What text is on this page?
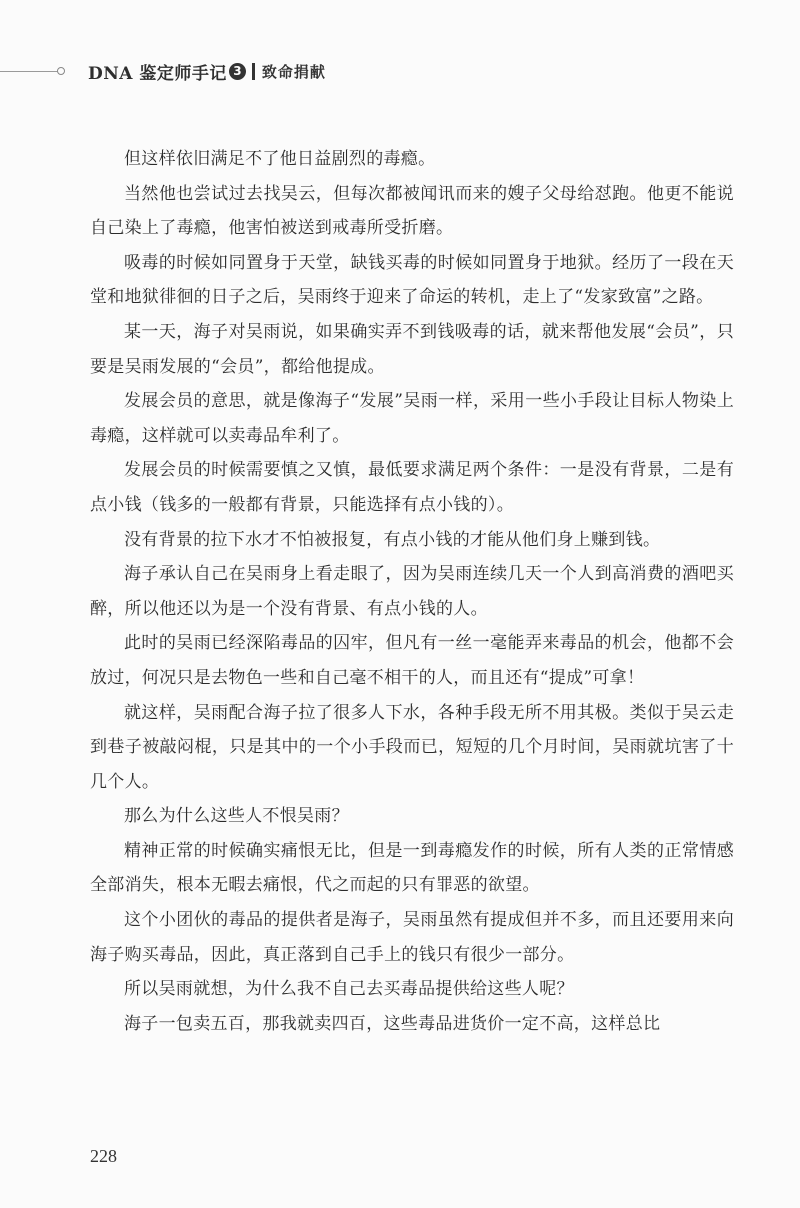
DNA 鉴定师手记 3 致命捐献

但这样依旧满足不了他日益剧烈的毒瘾。

当然他也尝试过去找吴云，但每次都被闻讯而来的嫂子父母给怼跑。他更不能说自己染上了毒瘾，他害怕被送到戒毒所受折磨。

吸毒的时候如同置身于天堂，缺钱买毒的时候如同置身于地狱。经历了一段在天堂和地狱徘徊的日子之后，吴雨终于迎来了命运的转机，走上了“发家致富”之路。

某一天，海子对吴雨说，如果确实弄不到钱吸毒的话，就来帮他发展“会员”，只要是吴雨发展的“会员”，都给他提成。

发展会员的意思，就是像海子“发展”吴雨一样，采用一些小手段让目标人物染上毒瘾，这样就可以卖毒品牟利了。

发展会员的时候需要慎之又慎，最低要求满足两个条件：一是没有背景，二是有点小钱（钱多的一般都有背景，只能选择有点小钱的）。

没有背景的拉下水才不怕被报复，有点小钱的才能从他们身上赚到钱。

海子承认自己在吴雨身上看走眼了，因为吴雨连续几天一个人到高消费的酒吧买醉，所以他还以为是一个没有背景、有点小钱的人。

此时的吴雨已经深陷毒品的囚牢，但凡有一丝一毫能弄来毒品的机会，他都不会放过，何况只是去物色一些和自己毫不相干的人，而且还有“提成”可拿！

就这样，吴雨配合海子拉了很多人下水，各种手段无所不用其极。类似于吴云走到巷子被敲闷棍，只是其中的一个小手段而已，短短的几个月时间，吴雨就坑害了十几个人。

那么为什么这些人不恨吴雨？

精神正常的时候确实痛恨无比，但是一到毒瘾发作的时候，所有人类的正常情感全部消失，根本无暇去痛恨，代之而起的只有罪恶的欲望。

这个小团伙的毒品的提供者是海子，吴雨虽然有提成但并不多，而且还要用来向海子购买毒品，因此，真正落到自己手上的钱只有很少一部分。

所以吴雨就想，为什么我不自己去买毒品提供给这些人呢？

海子一包卖五百，那我就卖四百，这些毒品进货价一定不高，这样总比

228
